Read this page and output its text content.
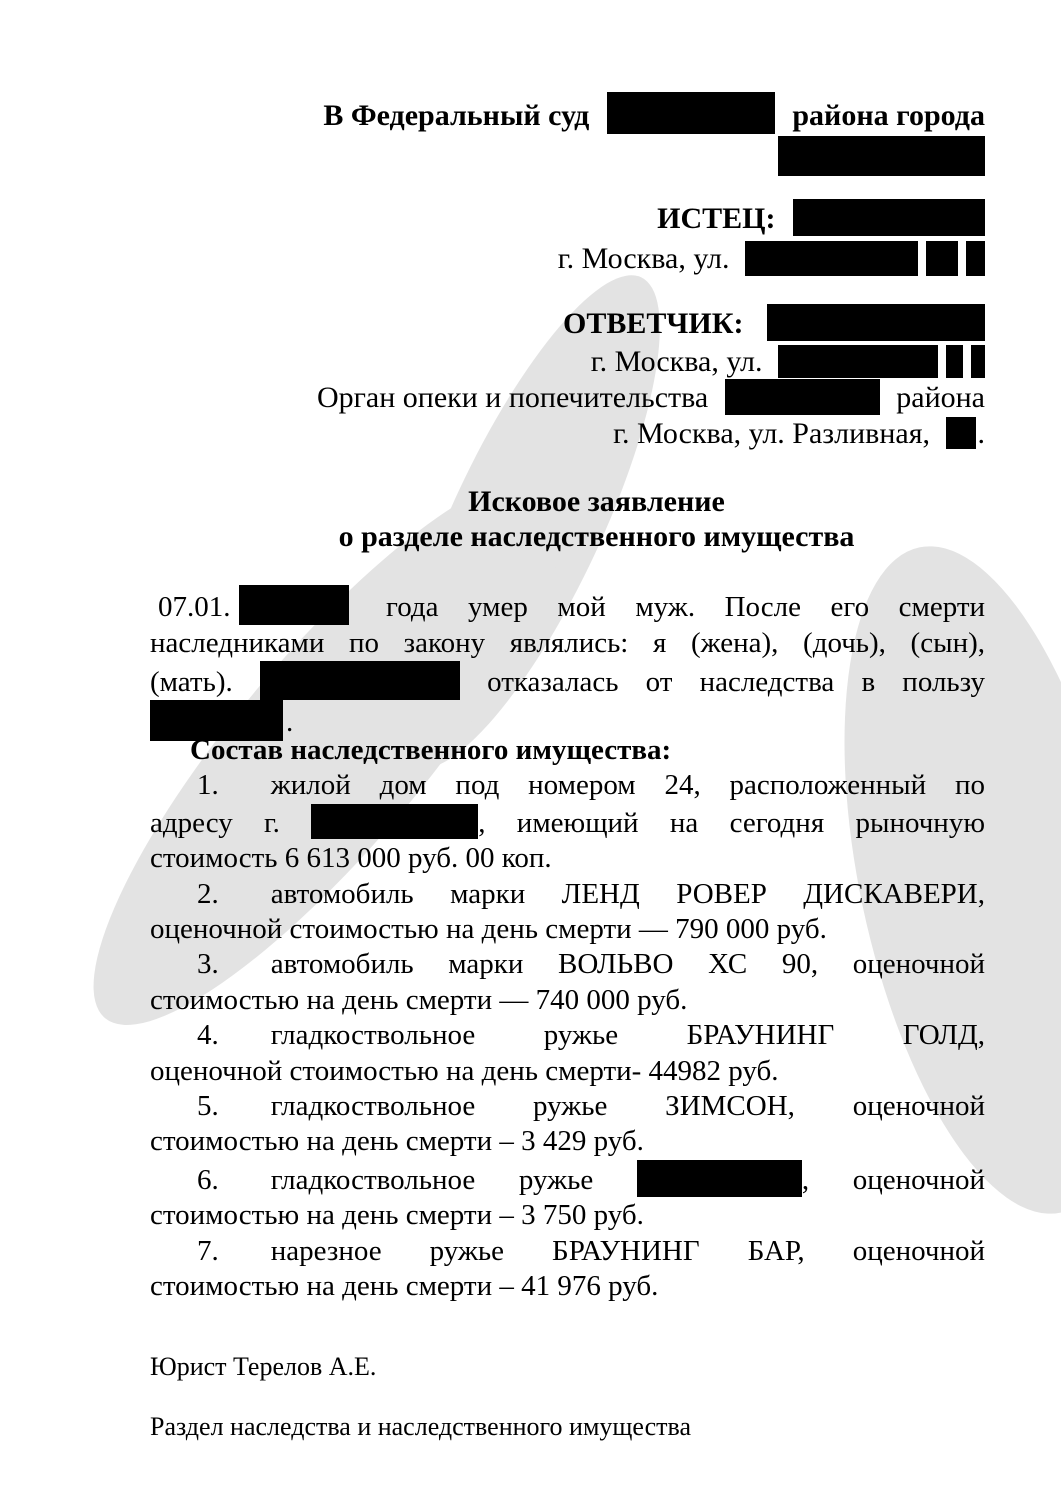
В Федеральный суд	района города
ИСТЕЦ:
г. Москва, ул.
ОТВЕТЧИК:
г. Москва, ул.
Орган опеки и попечительства	района
г. Москва, ул. Разливная, .
Исковое заявление
о разделе наследственного имущества
07.01.	года умер мой муж. После его смерти
наследниками по закону являлись: я (жена), (дочь), (сын),
(мать).	отказалась от наследства в пользу
.
Состав наследственного имущества:
1. жилой дом под номером 24, расположенный по
адресу г.	, имеющий на сегодня рыночную
стоимость 6 613 000 руб. 00 коп.
2. автомобиль марки ЛЕНД РОВЕР ДИСКАВЕРИ,
оценочной стоимостью на день смерти — 790 000 руб.
3. автомобиль марки ВОЛЬВО ХС 90, оценочной
стоимостью на день смерти — 740 000 руб.
4. гладкоствольное ружье БРАУНИНГ ГОЛД,
оценочной стоимостью на день смерти- 44982 руб.
5. гладкоствольное ружье ЗИМСОН, оценочной
стоимостью на день смерти – 3 429 руб.
6. гладкоствольное ружье	, оценочной
стоимостью на день смерти – 3 750 руб.
7. нарезное ружье БРАУНИНГ БАР, оценочной
стоимостью на день смерти – 41 976 руб.
Юрист Терелов А.Е.
Раздел наследства и наследственного имущества
